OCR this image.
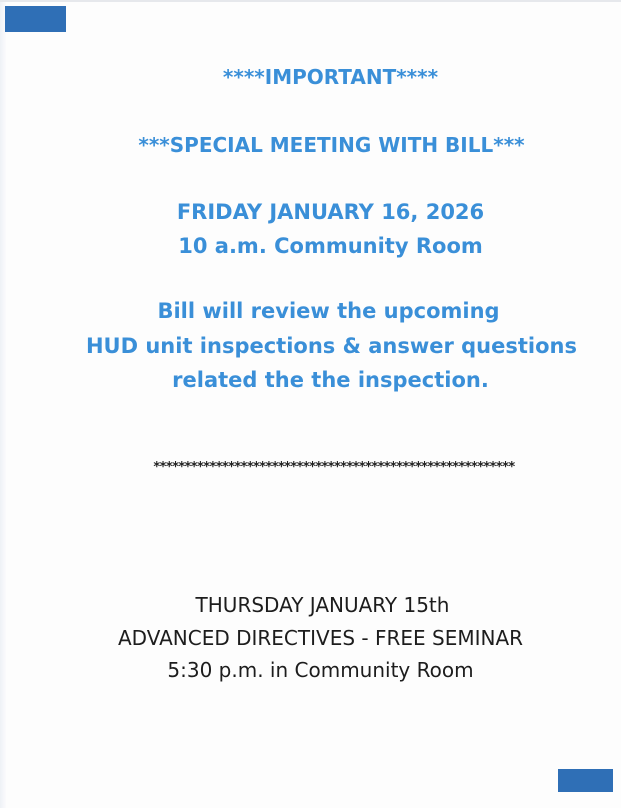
****IMPORTANT****
***SPECIAL MEETING WITH BILL***
FRIDAY JANUARY 16, 2026
10 a.m. Community Room
Bill will review the upcoming
HUD unit inspections & answer questions
related the the inspection.
**********************************************************
THURSDAY JANUARY 15th
ADVANCED DIRECTIVES - FREE SEMINAR
5:30 p.m. in Community Room
